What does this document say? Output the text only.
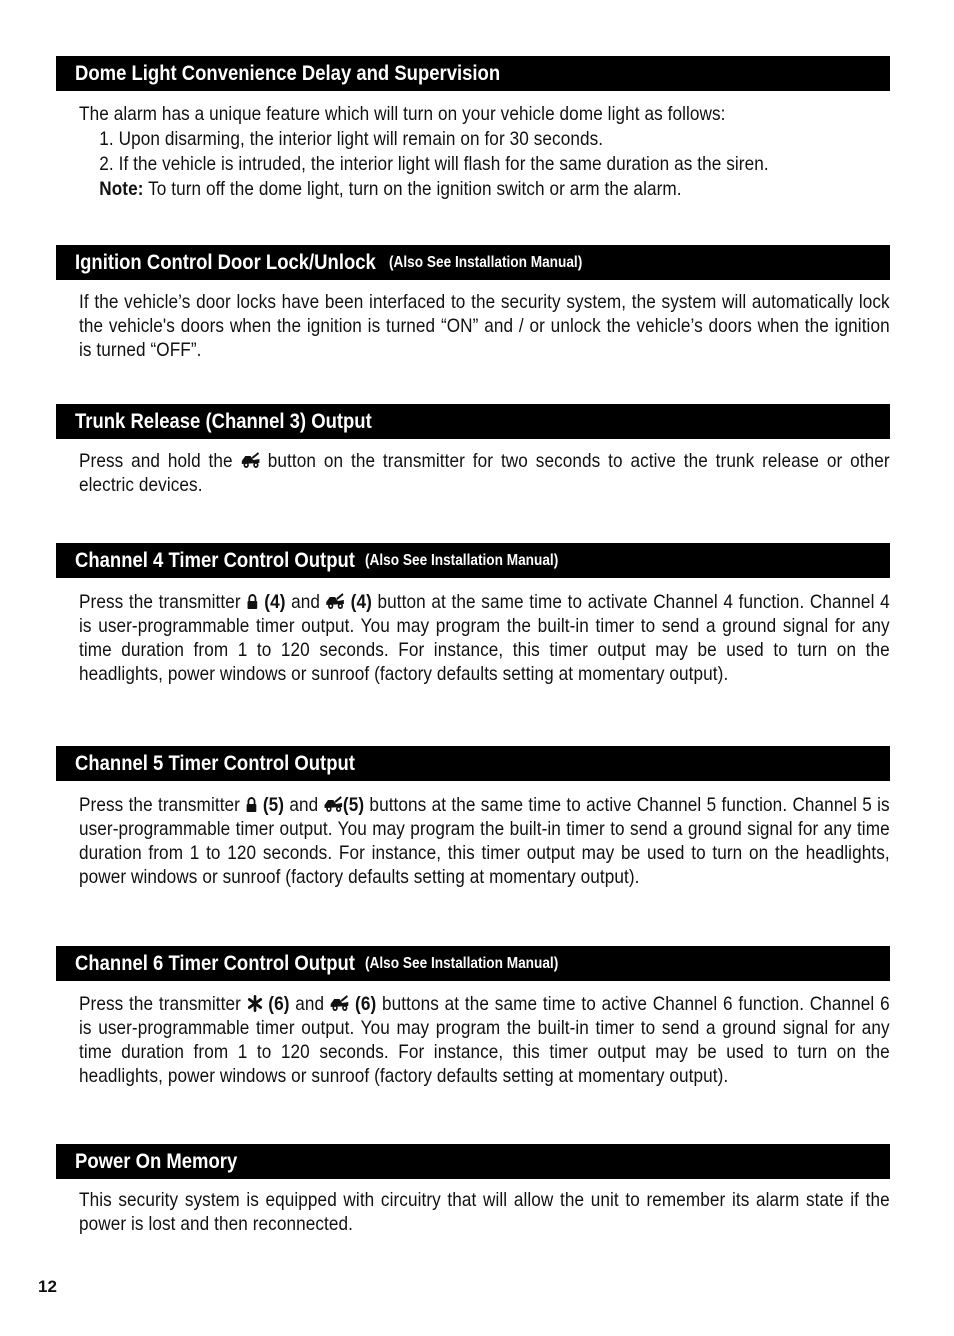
Dome Light Convenience Delay and Supervision

The alarm has a unique feature which will turn on your vehicle dome light as follows:

1. Upon disarming, the interior light will remain on for 30 seconds.

2. If the vehicle is intruded, the interior light will flash for the same duration as the siren.

Note: To turn off the dome light, turn on the ignition switch or arm the alarm.

Ignition Control Door Lock/Unlock (Also See Installation Manual)

If the vehicle’s door locks have been interfaced to the security system, the system will automatically lock the vehicle's doors when the ignition is turned “ON” and / or unlock the vehicle’s doors when the ignition is turned “OFF”.

Trunk Release (Channel 3) Output

Press and hold the
button on the transmitter for two seconds to active the trunk release or other electric devices.

Channel 4 Timer Control Output (Also See Installation Manual)

Press the transmitter
(4) and
(4) button at the same time to activate Channel 4 function. Channel 4 is user-programmable timer output. You may program the built-in timer to send a ground signal for any time duration from 1 to 120 seconds. For instance, this timer output may be used to turn on the headlights, power windows or sunroof (factory defaults setting at momentary output).

Channel 5 Timer Control Output

Press the transmitter
(5) and
(5) buttons at the same time to active Channel 5 function. Channel 5 is user-programmable timer output. You may program the built-in timer to send a ground signal for any time duration from 1 to 120 seconds. For instance, this timer output may be used to turn on the headlights, power windows or sunroof (factory defaults setting at momentary output).

Channel 6 Timer Control Output (Also See Installation Manual)

Press the transmitter
(6) and
(6) buttons at the same time to active Channel 6 function. Channel 6 is user-programmable timer output. You may program the built-in timer to send a ground signal for any time duration from 1 to 120 seconds. For instance, this timer output may be used to turn on the headlights, power windows or sunroof (factory defaults setting at momentary output).

Power On Memory

This security system is equipped with circuitry that will allow the unit to remember its alarm state if the power is lost and then reconnected.

12
